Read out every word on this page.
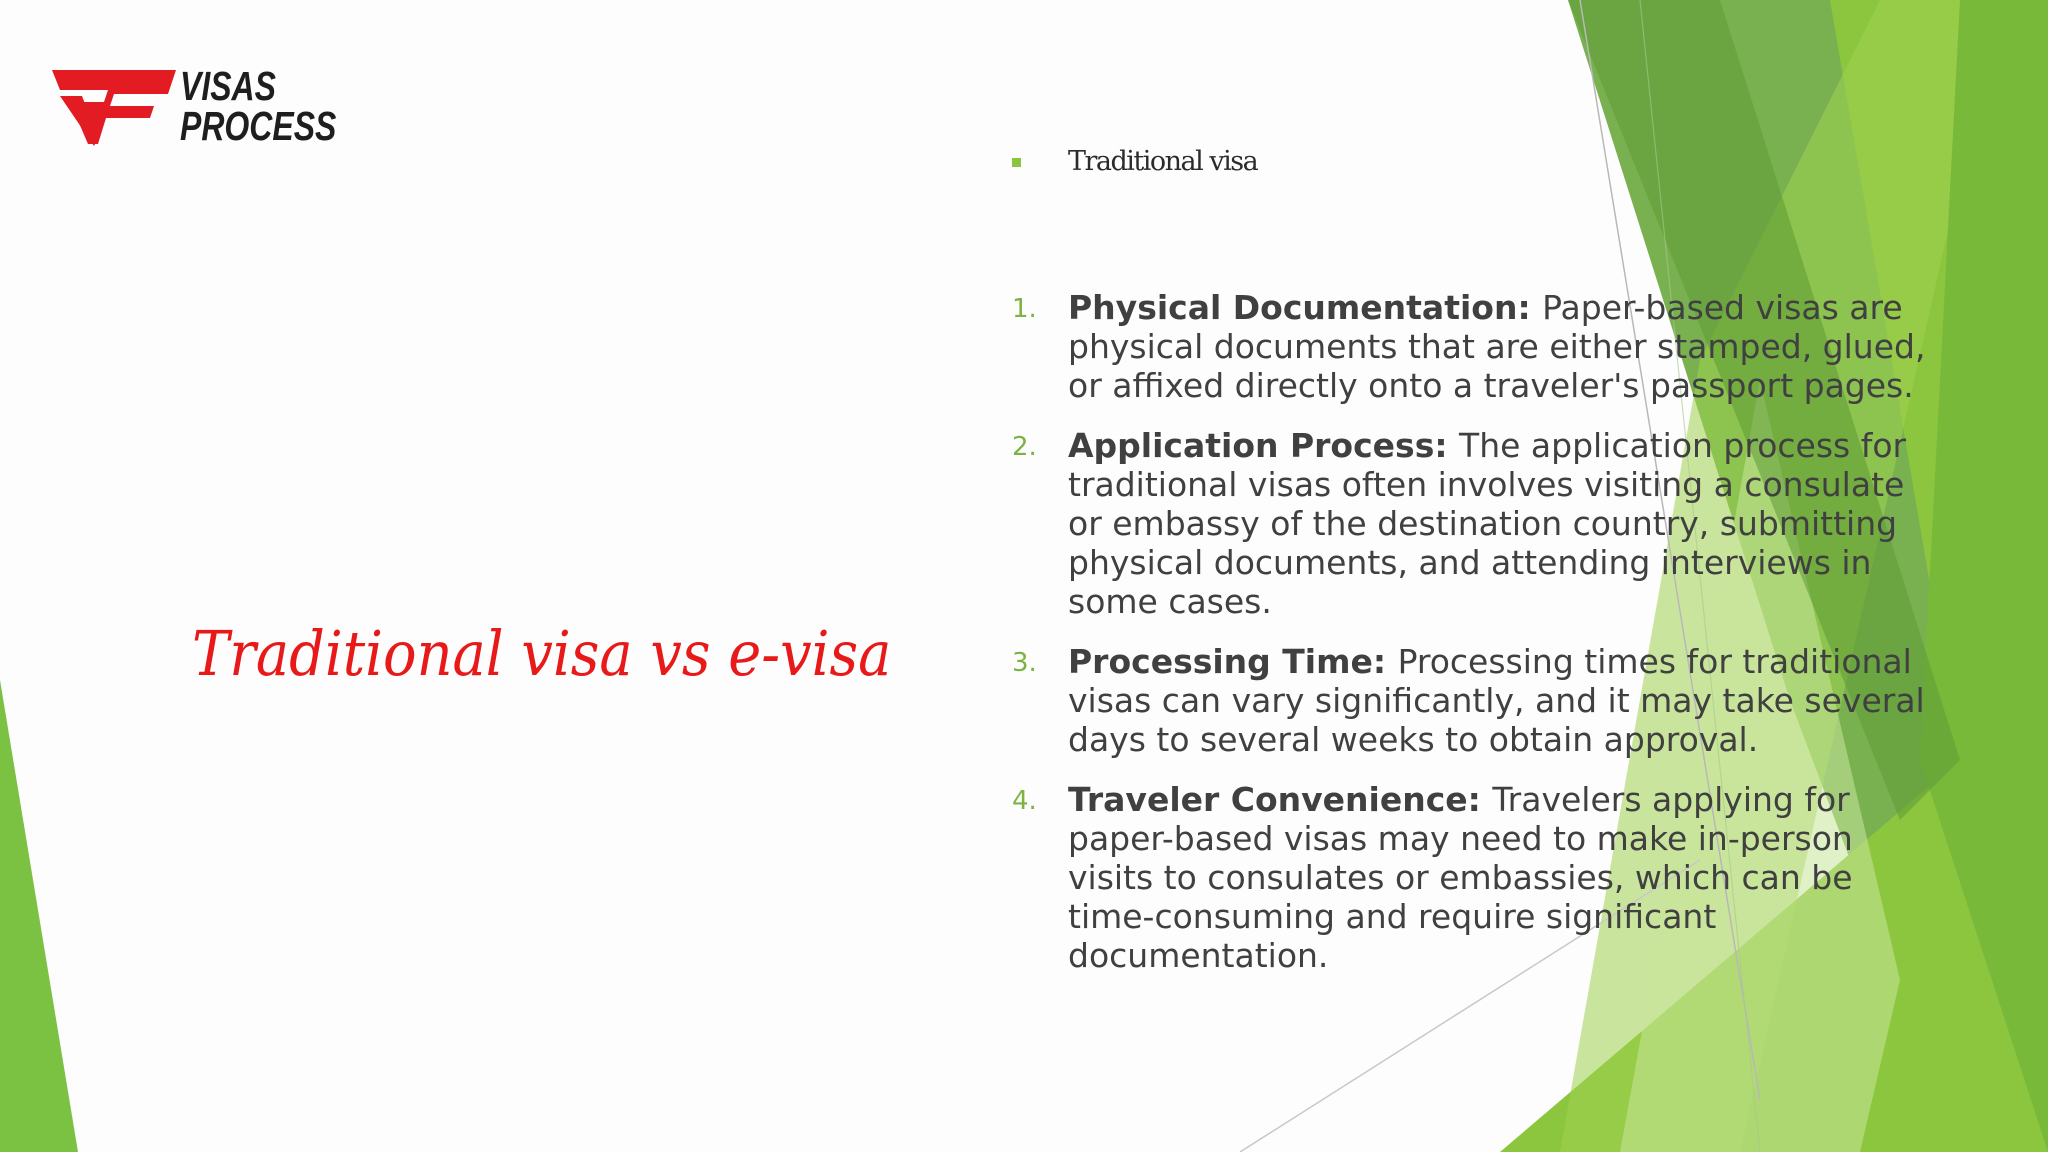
VISAS
PROCESS
Traditional visa vs e-visa
Traditional visa
1. Physical Documentation: Paper-based visas are physical documents that are either stamped, glued, or affixed directly onto a traveler's passport pages.
2. Application Process: The application process for traditional visas often involves visiting a consulate or embassy of the destination country, submitting physical documents, and attending interviews in some cases.
3. Processing Time: Processing times for traditional visas can vary significantly, and it may take several days to several weeks to obtain approval.
4. Traveler Convenience: Travelers applying for paper-based visas may need to make in-person visits to consulates or embassies, which can be time-consuming and require significant documentation.
